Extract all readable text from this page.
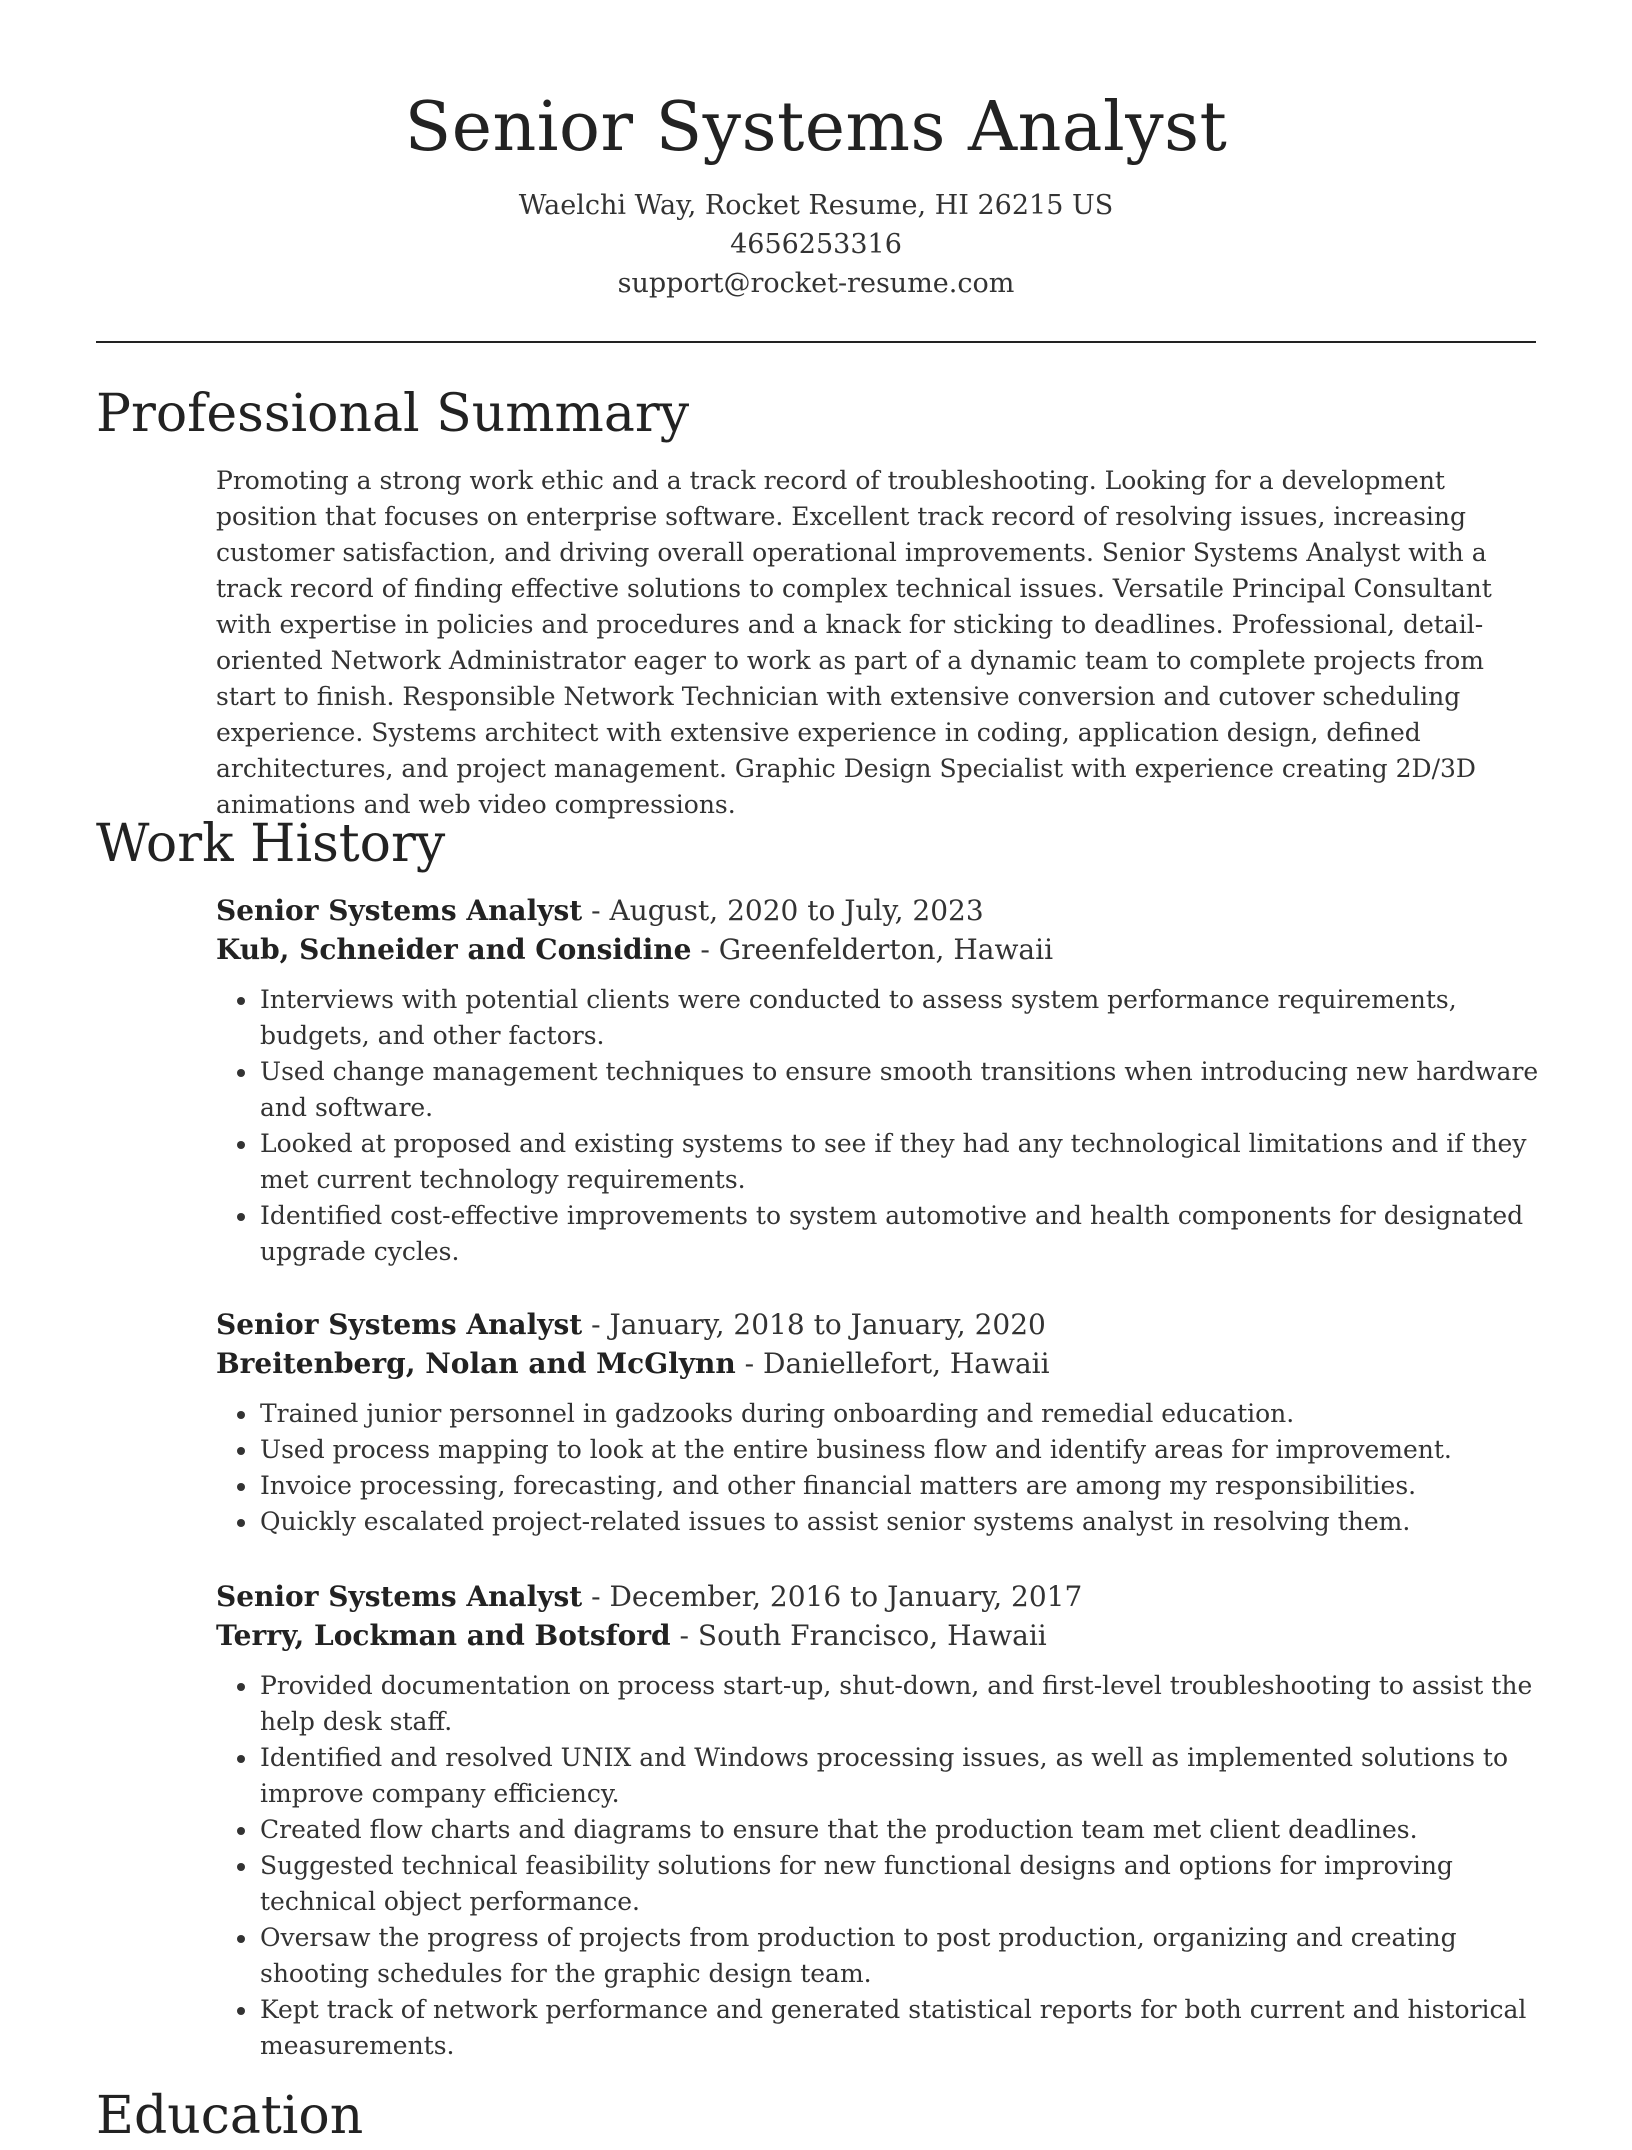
Senior Systems Analyst
Waelchi Way, Rocket Resume, HI 26215 US
4656253316
support@rocket-resume.com
Professional Summary
Promoting a strong work ethic and a track record of troubleshooting. Looking for a development position that focuses on enterprise software. Excellent track record of resolving issues, increasing customer satisfaction, and driving overall operational improvements. Senior Systems Analyst with a track record of finding effective solutions to complex technical issues. Versatile Principal Consultant with expertise in policies and procedures and a knack for sticking to deadlines. Professional, detail-oriented Network Administrator eager to work as part of a dynamic team to complete projects from start to finish. Responsible Network Technician with extensive conversion and cutover scheduling experience. Systems architect with extensive experience in coding, application design, defined architectures, and project management. Graphic Design Specialist with experience creating 2D/3D animations and web video compressions.
Work History
Senior Systems Analyst - August, 2020 to July, 2023
Kub, Schneider and Considine - Greenfelderton, Hawaii
• Interviews with potential clients were conducted to assess system performance requirements, budgets, and other factors.
• Used change management techniques to ensure smooth transitions when introducing new hardware and software.
• Looked at proposed and existing systems to see if they had any technological limitations and if they met current technology requirements.
• Identified cost-effective improvements to system automotive and health components for designated upgrade cycles.
Senior Systems Analyst - January, 2018 to January, 2020
Breitenberg, Nolan and McGlynn - Daniellefort, Hawaii
• Trained junior personnel in gadzooks during onboarding and remedial education.
• Used process mapping to look at the entire business flow and identify areas for improvement.
• Invoice processing, forecasting, and other financial matters are among my responsibilities.
• Quickly escalated project-related issues to assist senior systems analyst in resolving them.
Senior Systems Analyst - December, 2016 to January, 2017
Terry, Lockman and Botsford - South Francisco, Hawaii
• Provided documentation on process start-up, shut-down, and first-level troubleshooting to assist the help desk staff.
• Identified and resolved UNIX and Windows processing issues, as well as implemented solutions to improve company efficiency.
• Created flow charts and diagrams to ensure that the production team met client deadlines.
• Suggested technical feasibility solutions for new functional designs and options for improving technical object performance.
• Oversaw the progress of projects from production to post production, organizing and creating shooting schedules for the graphic design team.
• Kept track of network performance and generated statistical reports for both current and historical measurements.
Education
